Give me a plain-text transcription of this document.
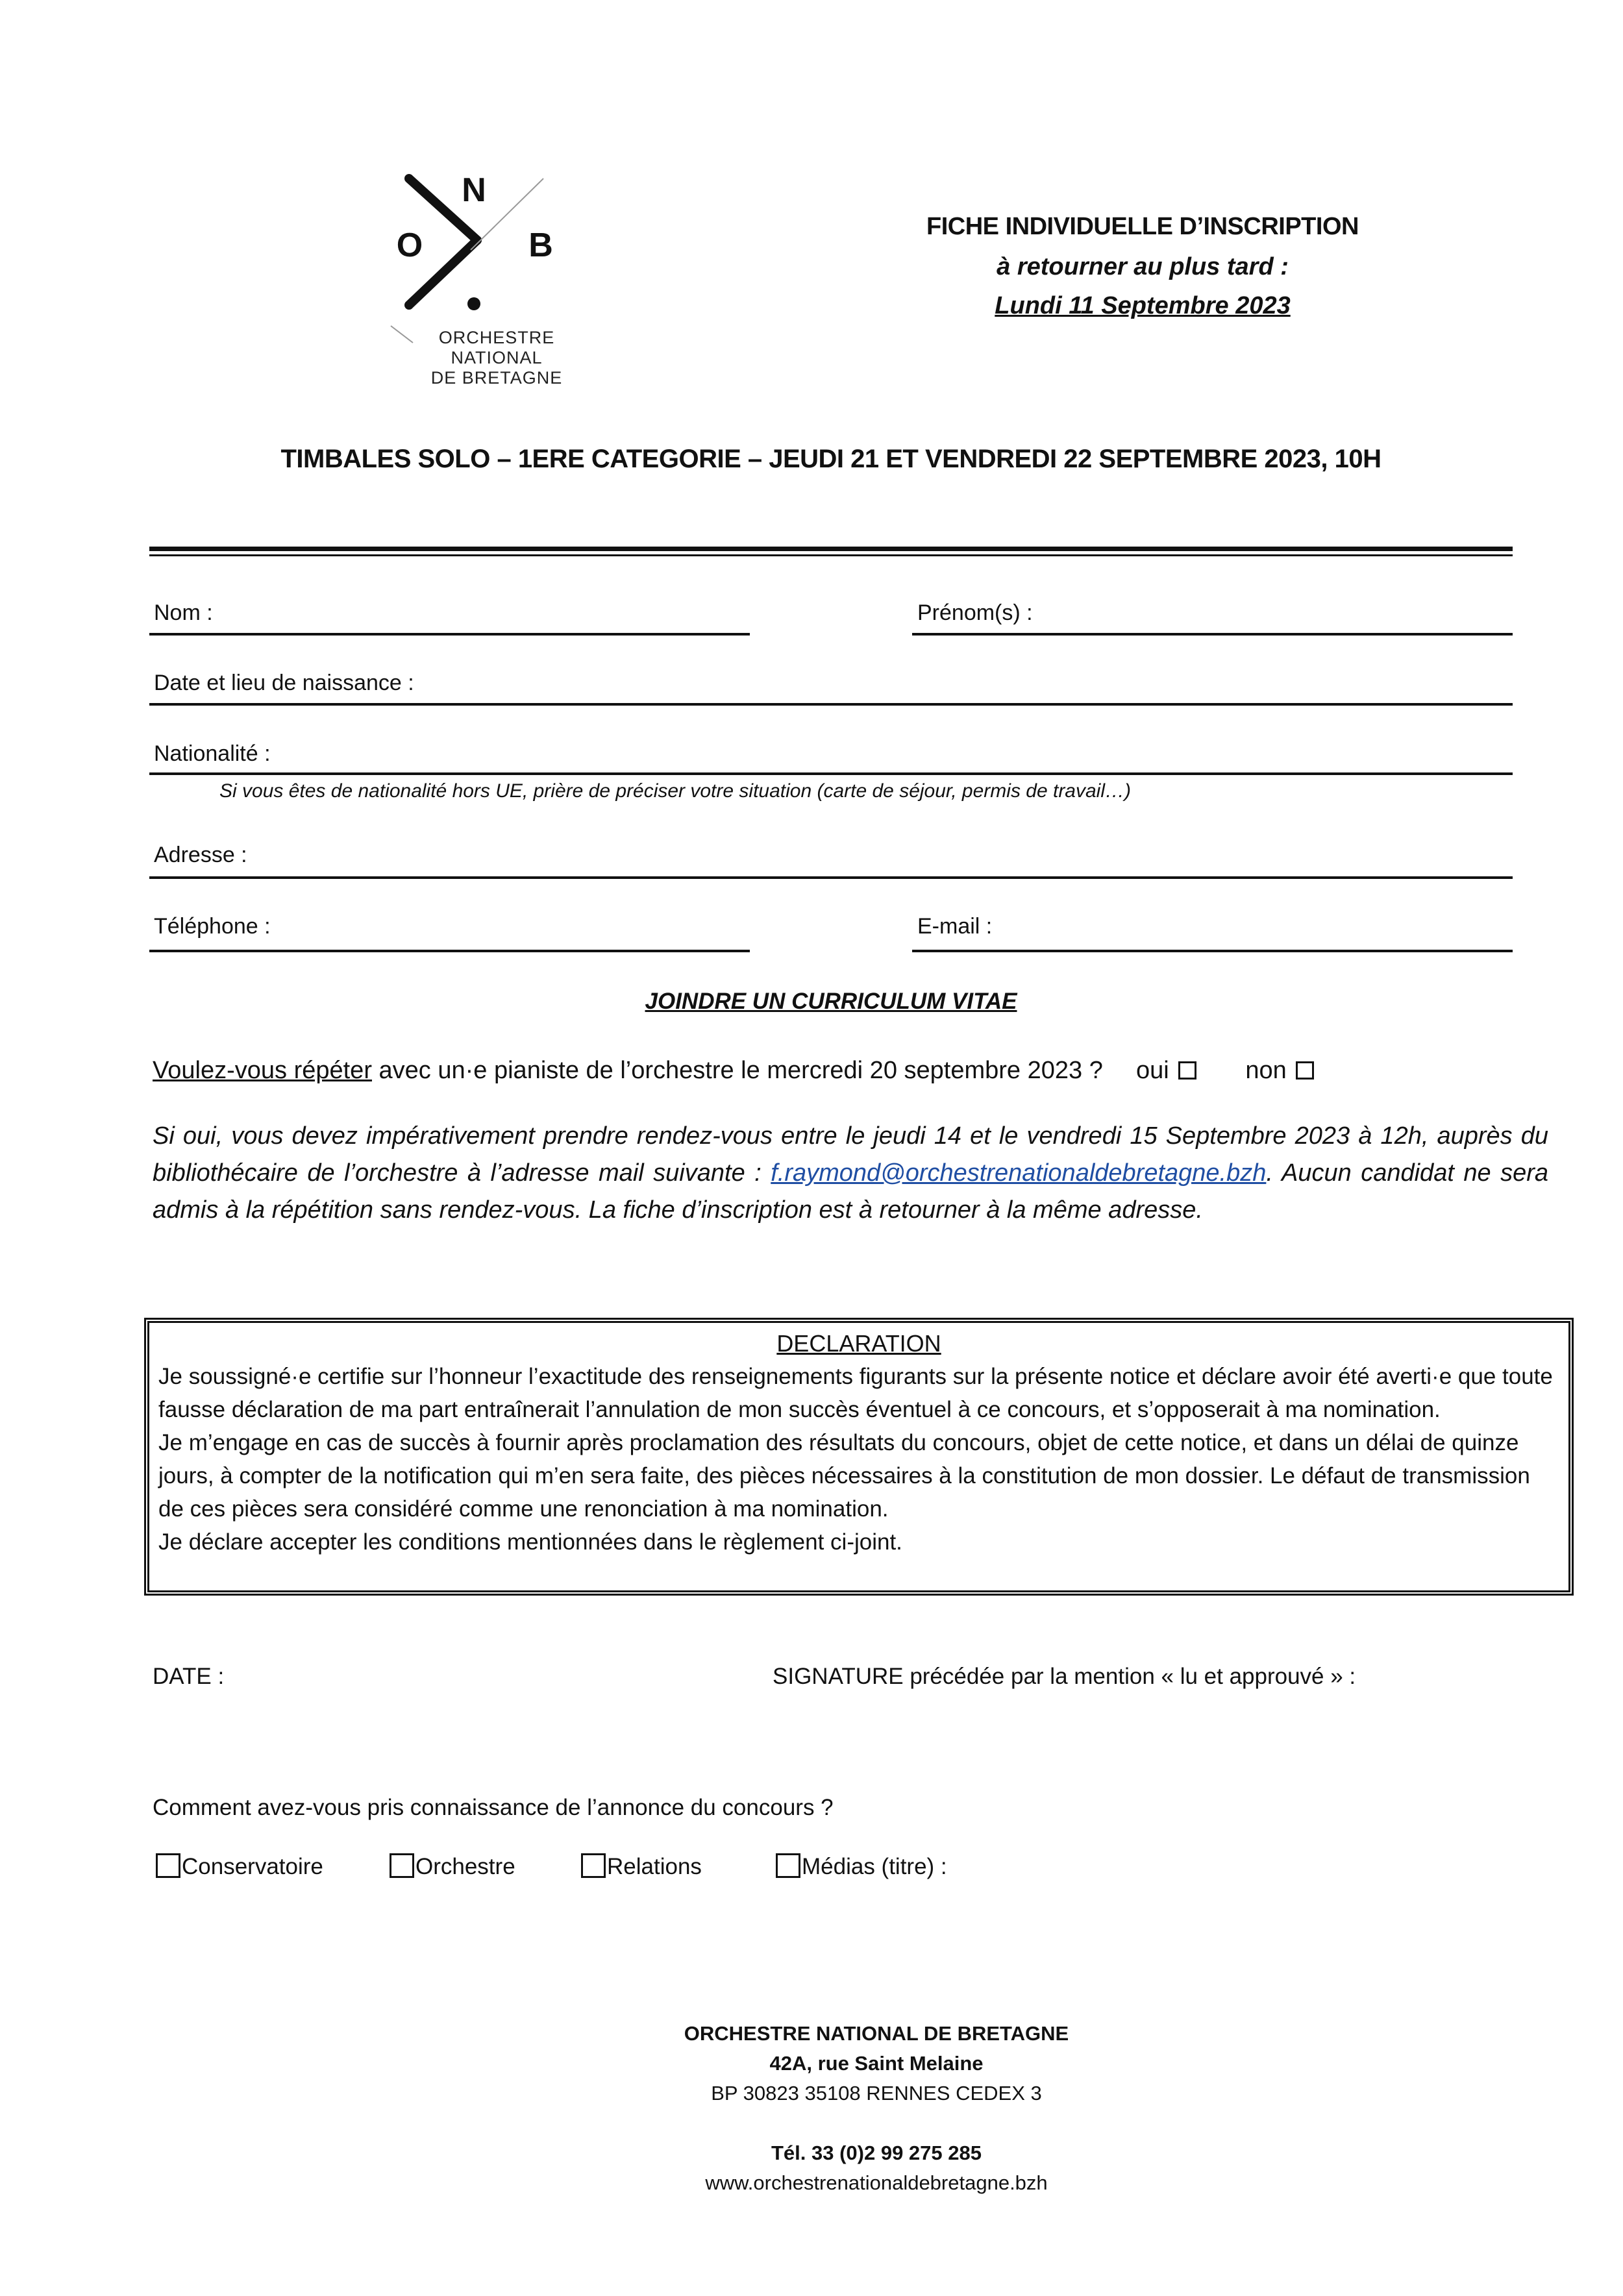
N
O	B
ORCHESTRE
NATIONAL
DE BRETAGNE
FICHE INDIVIDUELLE D’INSCRIPTION
à retourner au plus tard :
Lundi 11 Septembre 2023
TIMBALES SOLO – 1ERE CATEGORIE – JEUDI 21 ET VENDREDI 22 SEPTEMBRE 2023, 10H
Nom :	Prénom(s) :
Date et lieu de naissance :
Nationalité :
Si vous êtes de nationalité hors UE, prière de préciser votre situation (carte de séjour, permis de travail…)
Adresse :
Téléphone :	E-mail :
JOINDRE UN CURRICULUM VITAE
Voulez-vous répéter avec un·e pianiste de l’orchestre le mercredi 20 septembre 2023 ? oui	non
Si oui, vous devez impérativement prendre rendez-vous entre le jeudi 14 et le vendredi 15 Septembre 2023 à 12h, auprès du bibliothécaire de l’orchestre à l’adresse mail suivante : f.raymond@orchestrenationaldebretagne.bzh. Aucun candidat ne sera admis à la répétition sans rendez-vous. La fiche d’inscription est à retourner à la même adresse.
DECLARATION
Je soussigné·e certifie sur l’honneur l’exactitude des renseignements figurants sur la présente notice et déclare avoir été averti·e que toute fausse déclaration de ma part entraînerait l’annulation de mon succès éventuel à ce concours, et s’opposerait à ma nomination.
Je m’engage en cas de succès à fournir après proclamation des résultats du concours, objet de cette notice, et dans un délai de quinze jours, à compter de la notification qui m’en sera faite, des pièces nécessaires à la constitution de mon dossier. Le défaut de transmission de ces pièces sera considéré comme une renonciation à ma nomination.
Je déclare accepter les conditions mentionnées dans le règlement ci-joint.
DATE :	SIGNATURE précédée par la mention « lu et approuvé » :
Comment avez-vous pris connaissance de l’annonce du concours ?
Conservatoire	Orchestre	Relations	Médias (titre) :
ORCHESTRE NATIONAL DE BRETAGNE
42A, rue Saint Melaine
BP 30823 35108 RENNES CEDEX 3
Tél. 33 (0)2 99 275 285
www.orchestrenationaldebretagne.bzh
